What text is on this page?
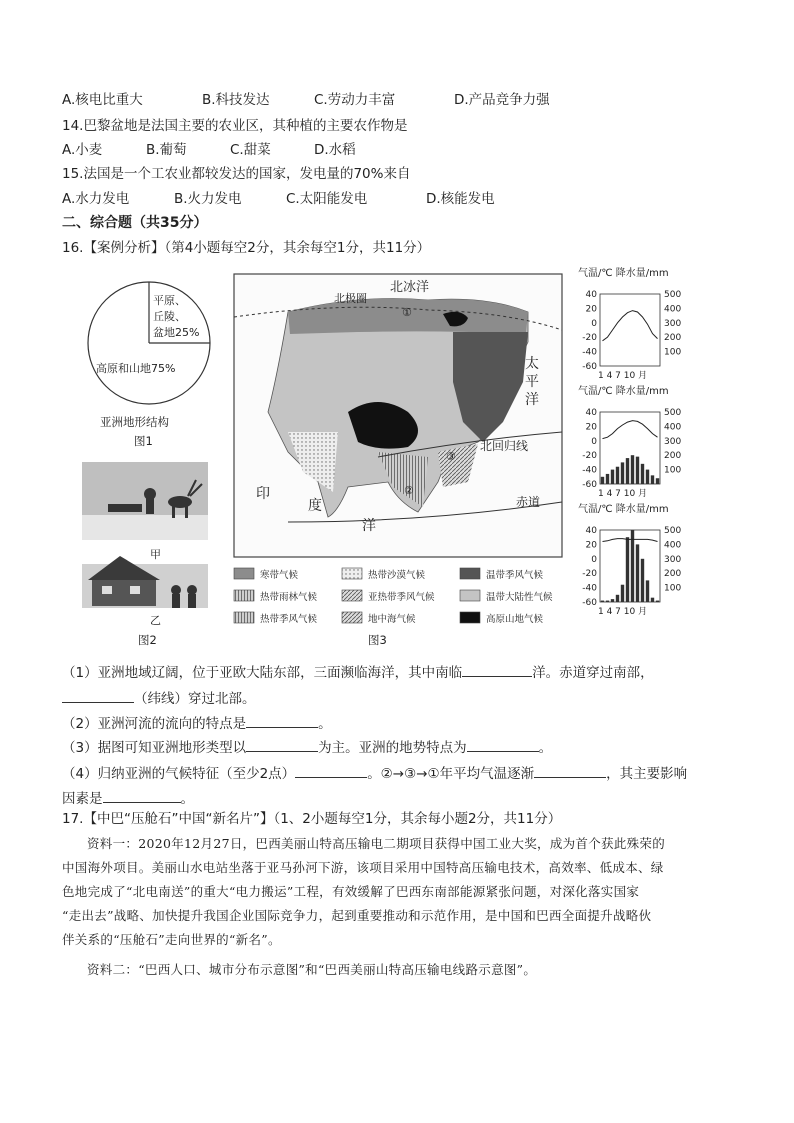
A.核电比重大	B.科技发达	C.劳动力丰富	D.产品竞争力强
14.巴黎盆地是法国主要的农业区，其种植的主要农作物是
A.小麦	B.葡萄	C.甜菜	D.水稻
15.法国是一个工农业都较发达的国家，发电量的70%来自
A.水力发电	B.火力发电	C.太阳能发电	D.核能发电
二、综合题（共35分）
16.【案例分析】（第4小题每空2分，其余每空1分，共11分）
平原、
丘陵、
盆地25%
高原和山地75%
亚洲地形结构
图1
甲
乙
图2
北极圈
北冰洋
太
平
洋
北回归线
印
度
洋
赤道
①
②
③
寒带气候	热带沙漠气候	温带季风气候
热带雨林气候	亚热带季风气候	温带大陆性气候
热带季风气候	地中海气候	高原山地气候
图3
气温/℃ 降水量/mm
40
20
0
-20
-40
-60
500
400
300
200
100
1 4 7 10 月
气温/℃ 降水量/mm
40
20
0
-20
-40
-60
500
400
300
200
100
1 4 7 10 月
气温/℃ 降水量/mm
40
20
0
-20
-40
-60
500
400
300
200
100
1 4 7 10 月
（1）亚洲地域辽阔，位于亚欧大陆东部，三面濒临海洋，其中南临	洋。赤道穿过南部，
（纬线）穿过北部。
（2）亚洲河流的流向的特点是	。
（3）据图可知亚洲地形类型以	为主。亚洲的地势特点为	。
（4）归纳亚洲的气候特征（至少2点）	。②→③→①年平均气温逐渐	，其主要影响
因素是	。
17.【中巴“压舱石”中国“新名片”】（1、2小题每空1分，其余每小题2分，共11分）
资料一：2020年12月27日，巴西美丽山特高压输电二期项目获得中国工业大奖，成为首个获此殊荣的
中国海外项目。美丽山水电站坐落于亚马孙河下游，该项目采用中国特高压输电技术，高效率、低成本、绿
色地完成了“北电南送”的重大“电力搬运”工程，有效缓解了巴西东南部能源紧张问题，对深化落实国家
“走出去”战略、加快提升我国企业国际竞争力，起到重要推动和示范作用，是中国和巴西全面提升战略伙
伴关系的“压舱石”走向世界的“新名”。
资料二：“巴西人口、城市分布示意图”和“巴西美丽山特高压输电线路示意图”。
